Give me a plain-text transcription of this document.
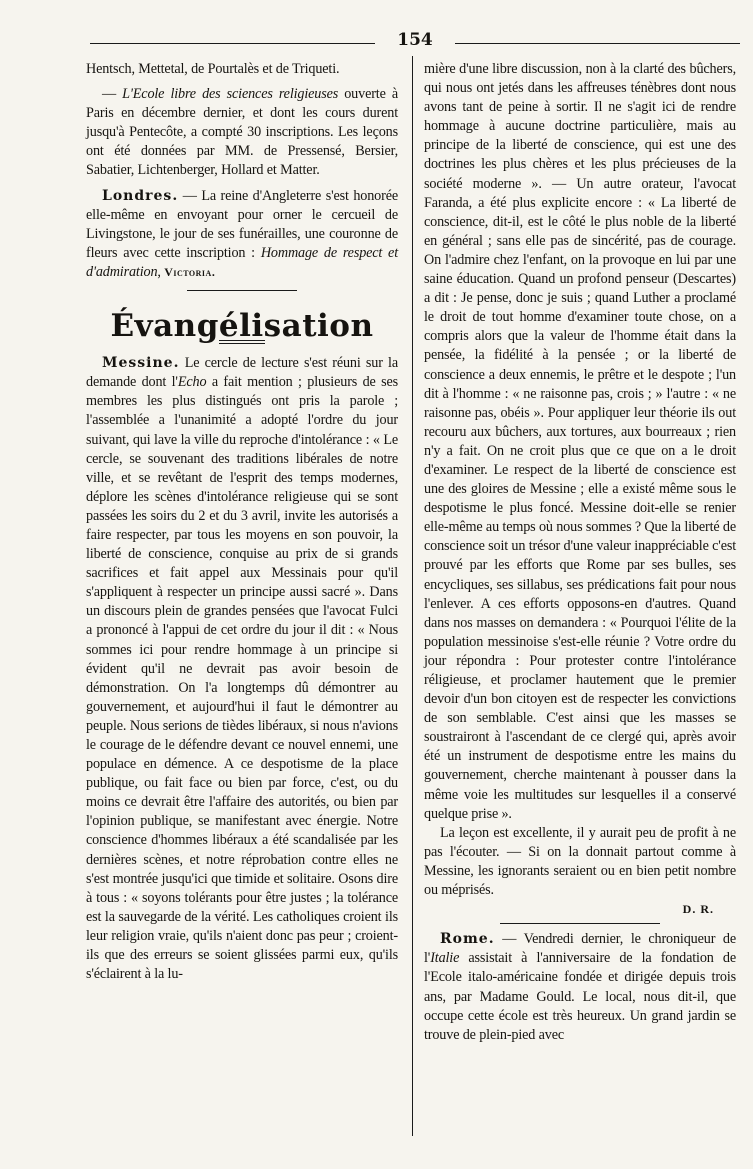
154

Hentsch, Mettetal, de Pourtalès et de Triqueti.

— L'Ecole libre des sciences religieuses ouverte à Paris en décembre dernier, et dont les cours durent jusqu'à Pentecôte, a compté 30 inscriptions. Les leçons ont été données par MM. de Pressensé, Bersier, Sabatier, Lichtenberger, Hollard et Matter.

Londres. — La reine d'Angleterre s'est honorée elle-même en envoyant pour orner le cercueil de Livingstone, le jour de ses funérailles, une couronne de fleurs avec cette inscription : Hommage de respect et d'admiration, Victoria.

Évangélisation

Messine. Le cercle de lecture s'est réuni sur la demande dont l'Echo a fait mention ; plusieurs de ses membres les plus distingués ont pris la parole ; l'assemblée a l'unanimité a adopté l'ordre du jour suivant, qui lave la ville du reproche d'intolérance : « Le cercle, se souvenant des traditions libérales de notre ville, et se revêtant de l'esprit des temps modernes, déplore les scènes d'intolérance religieuse qui se sont passées les soirs du 2 et du 3 avril, invite les autorisés a faire respecter, par tous les moyens en son pouvoir, la liberté de conscience, conquise au prix de si grands sacrifices et fait appel aux Messinais pour qu'il s'appliquent à respecter un principe aussi sacré ». Dans un discours plein de grandes pensées que l'avocat Fulci a prononcé à l'appui de cet ordre du jour il dit : « Nous sommes ici pour rendre hommage à un principe si évident qu'il ne devrait pas avoir besoin de démonstration. On l'a longtemps dû démontrer au gouvernement, et aujourd'hui il faut le démontrer au peuple. Nous serions de tièdes libéraux, si nous n'avions le courage de le défendre devant ce nouvel ennemi, une populace en démence. A ce despotisme de la place publique, ou fait face ou bien par force, c'est, ou du moins ce devrait être l'affaire des autorités, ou bien par l'opinion publique, se manifestant avec énergie. Notre conscience d'hommes libéraux a été scandalisée par les dernières scènes, et notre réprobation contre elles ne s'est montrée jusqu'ici que timide et solitaire. Osons dire à tous : « soyons tolérants pour être justes ; la tolérance est la sauvegarde de la vérité. Les catholiques croient ils leur religion vraie, qu'ils n'aient donc pas peur ; croient-ils que des erreurs se soient glissées parmi eux, qu'ils s'éclairent à la lu-

mière d'une libre discussion, non à la clarté des bûchers, qui nous ont jetés dans les affreuses ténèbres dont nous avons tant de peine à sortir. Il ne s'agit ici de rendre hommage à aucune doctrine particulière, mais au principe de la liberté de conscience, qui est une des doctrines les plus chères et les plus précieuses de la société moderne ». — Un autre orateur, l'avocat Faranda, a été plus explicite encore : « La liberté de conscience, dit-il, est le côté le plus noble de la liberté en général ; sans elle pas de sincérité, pas de courage. On l'admire chez l'enfant, on la provoque en lui par une saine éducation. Quand un profond penseur (Descartes) a dit : Je pense, donc je suis ; quand Luther a proclamé le droit de tout homme d'examiner toute chose, on a compris alors que la valeur de l'homme était dans la pensée, la fidélité à la pensée ; or la liberté de conscience a deux ennemis, le prêtre et le despote ; l'un dit à l'homme : « ne raisonne pas, crois ; » l'autre : « ne raisonne pas, obéis ». Pour appliquer leur théorie ils out recouru aux bûchers, aux tortures, aux bourreaux ; rien n'y a fait. On ne croit plus que ce que on a le droit d'examiner. Le respect de la liberté de conscience est une des gloires de Messine ; elle a existé même sous le despotisme le plus foncé. Messine doit-elle se renier elle-même au temps où nous sommes ? Que la liberté de conscience soit un trésor d'une valeur inappréciable c'est prouvé par les efforts que Rome par ses bulles, ses encycliques, ses sillabus, ses prédications fait pour nous l'enlever. A ces efforts opposons-en d'autres. Quand dans nos masses on demandera : « Pourquoi l'élite de la population messinoise s'est-elle réunie ? Votre ordre du jour répondra : Pour protester contre l'intolérance réligieuse, et proclamer hautement que le premier devoir d'un bon citoyen est de respecter les convictions de son semblable. C'est ainsi que les masses se soustrairont à l'ascendant de ce clergé qui, après avoir été un instrument de despotisme entre les mains du gouvernement, cherche maintenant à pousser dans la même voie les multitudes sur lesquelles il a conservé quelque prise ».

La leçon est excellente, il y aurait peu de profit à ne pas l'écouter. — Si on la donnait partout comme à Messine, les ignorants seraient ou en bien petit nombre ou méprisés.

D. R.

Rome. — Vendredi dernier, le chroniqueur de l'Italie assistait à l'anniversaire de la fondation de l'Ecole italo-américaine fondée et dirigée depuis trois ans, par Madame Gould. Le local, nous dit-il, que occupe cette école est très heureux. Un grand jardin se trouve de plein-pied avec
